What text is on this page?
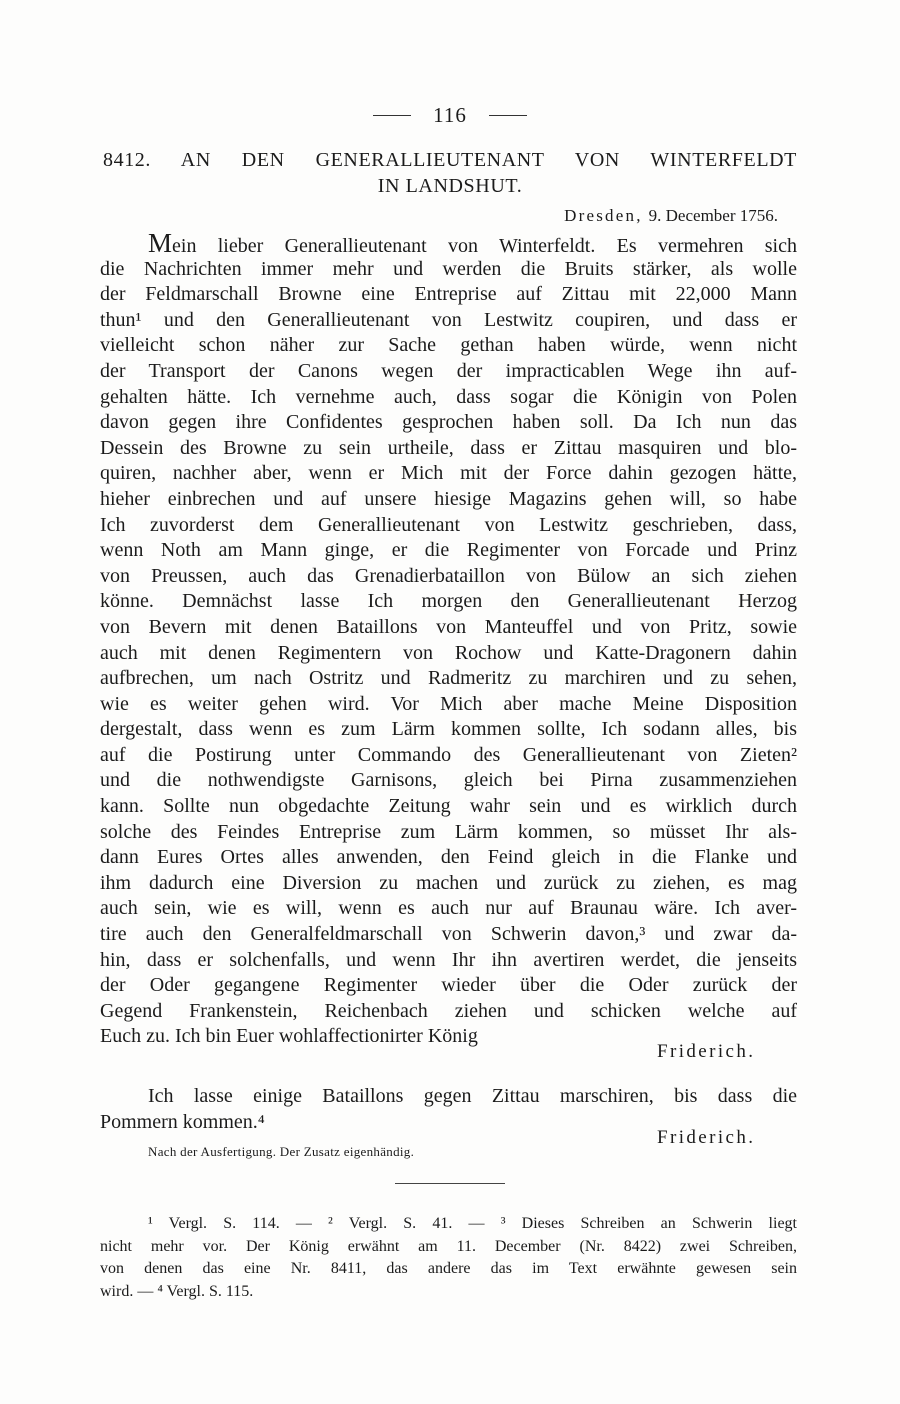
116
8412. AN DEN GENERALLIEUTENANT VON WINTERFELDT
IN LANDSHUT.
Dresden, 9. December 1756.
Mein lieber Generallieutenant von Winterfeldt. Es vermehren sich
die Nachrichten immer mehr und werden die Bruits stärker, als wolle
der Feldmarschall Browne eine Entreprise auf Zittau mit 22,000 Mann
thun¹ und den Generallieutenant von Lestwitz coupiren, und dass er
vielleicht schon näher zur Sache gethan haben würde, wenn nicht
der Transport der Canons wegen der impracticablen Wege ihn auf-
gehalten hätte. Ich vernehme auch, dass sogar die Königin von Polen
davon gegen ihre Confidentes gesprochen haben soll. Da Ich nun das
Dessein des Browne zu sein urtheile, dass er Zittau masquiren und blo-
quiren, nachher aber, wenn er Mich mit der Force dahin gezogen hätte,
hieher einbrechen und auf unsere hiesige Magazins gehen will, so habe
Ich zuvorderst dem Generallieutenant von Lestwitz geschrieben, dass,
wenn Noth am Mann ginge, er die Regimenter von Forcade und Prinz
von Preussen, auch das Grenadierbataillon von Bülow an sich ziehen
könne. Demnächst lasse Ich morgen den Generallieutenant Herzog
von Bevern mit denen Bataillons von Manteuffel und von Pritz, sowie
auch mit denen Regimentern von Rochow und Katte-Dragonern dahin
aufbrechen, um nach Ostritz und Radmeritz zu marchiren und zu sehen,
wie es weiter gehen wird. Vor Mich aber mache Meine Disposition
dergestalt, dass wenn es zum Lärm kommen sollte, Ich sodann alles, bis
auf die Postirung unter Commando des Generallieutenant von Zieten²
und die nothwendigste Garnisons, gleich bei Pirna zusammenziehen
kann. Sollte nun obgedachte Zeitung wahr sein und es wirklich durch
solche des Feindes Entreprise zum Lärm kommen, so müsset Ihr als-
dann Eures Ortes alles anwenden, den Feind gleich in die Flanke und
ihm dadurch eine Diversion zu machen und zurück zu ziehen, es mag
auch sein, wie es will, wenn es auch nur auf Braunau wäre. Ich aver-
tire auch den Generalfeldmarschall von Schwerin davon,³ und zwar da-
hin, dass er solchenfalls, und wenn Ihr ihn avertiren werdet, die jenseits
der Oder gegangene Regimenter wieder über die Oder zurück der
Gegend Frankenstein, Reichenbach ziehen und schicken welche auf
Euch zu. Ich bin Euer wohlaffectionirter König
Friderich.
Ich lasse einige Bataillons gegen Zittau marschiren, bis dass die
Pommern kommen.⁴
Friderich.
Nach der Ausfertigung. Der Zusatz eigenhändig.
¹ Vergl. S. 114. — ² Vergl. S. 41. — ³ Dieses Schreiben an Schwerin liegt
nicht mehr vor. Der König erwähnt am 11. December (Nr. 8422) zwei Schreiben,
von denen das eine Nr. 8411, das andere das im Text erwähnte gewesen sein
wird. — ⁴ Vergl. S. 115.
